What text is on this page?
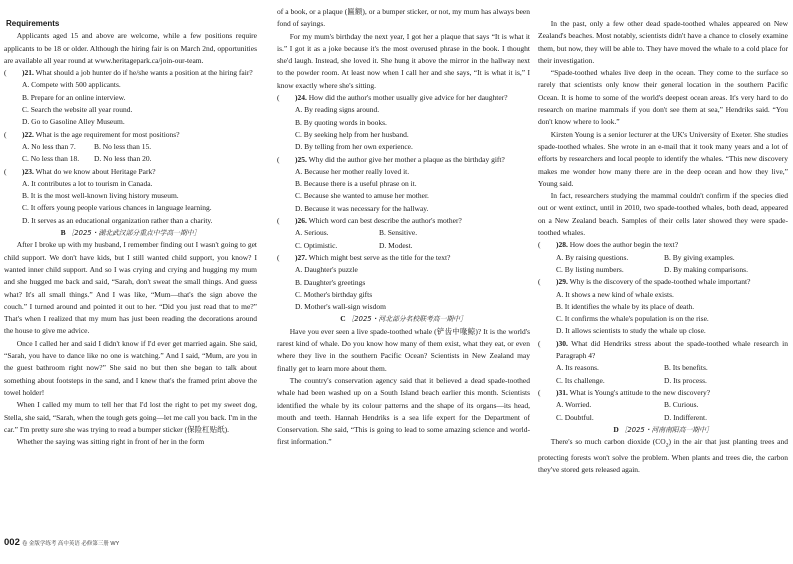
Requirements

Applicants aged 15 and above are welcome, while a few positions require applicants to be 18 or older. Although the hiring fair is on March 2nd, opportunities are available all year round at www.heritagepark.ca/join-our-team.

( )21. What should a job hunter do if he/she wants a position at the hiring fair?

A. Compete with 500 applicants.

B. Prepare for an online interview.

C. Search the website all year round.

D. Go to Gasoline Alley Museum.

( )22. What is the age requirement for most positions?

A. No less than 7.	B. No less than 15.

C. No less than 18.	D. No less than 20.

( )23. What do we know about Heritage Park?

A. It contributes a lot to tourism in Canada.

B. It is the most well-known living history museum.

C. It offers young people various chances in language learning.

D. It serves as an educational organization rather than a charity.

B ［2025・湖北武汉部分重点中学高一期中］

After I broke up with my husband, I remember finding out I wasn't going to get child support. We don't have kids, but I still wanted child support, you know? I wanted inner child support. And so I was crying and crying and hugging my mum and she hugged me back and said, “Sarah, don't sweat the small things. And guess what? It's all small things.” And I was like, “Mum—that's the sign above the couch.” I turned around and pointed it out to her. “Did you just read that to me?” That's when I realized that my mum has just been reading the decorations around the house to give me advice.

Once I called her and said I didn't know if I'd ever get married again. She said, “Sarah, you have to dance like no one is watching.” And I said, “Mum, are you in the guest bathroom right now?” She said no but then she began to talk about something about footsteps in the sand, and I knew that's the framed print above the towel holder!

When I called my mum to tell her that I'd lost the right to pet my sweet dog, Stella, she said, “Sarah, when the tough gets going—let me call you back. I'm in the car.” I'm pretty sure she was trying to read a bumper sticker (保险杠贴纸).

Whether the saying was sitting right in front of her in the form

of a book, or a plaque (匾额), or a bumper sticker, or not, my mum has always been fond of sayings.

For my mum's birthday the next year, I got her a plaque that says “It is what it is.” I got it as a joke because it's the most overused phrase in the book. I thought she'd laugh. Instead, she loved it. She hung it above the mirror in the hallway next to the powder room. At least now when I call her and she says, “It is what it is,” I know exactly where she's sitting.

( )24. How did the author's mother usually give advice for her daughter?

A. By reading signs around.

B. By quoting words in books.

C. By seeking help from her husband.

D. By telling from her own experience.

( )25. Why did the author give her mother a plaque as the birthday gift?

A. Because her mother really loved it.

B. Because there is a useful phrase on it.

C. Because she wanted to amuse her mother.

D. Because it was necessary for the hallway.

( )26. Which word can best describe the author's mother?

A. Serious.	B. Sensitive.

C. Optimistic.	D. Modest.

( )27. Which might best serve as the title for the text?

A. Daughter's puzzle

B. Daughter's greetings

C. Mother's birthday gifts

D. Mother's wall-sign wisdom

C ［2025・河北部分名校联考高一期中］

Have you ever seen a live spade-toothed whale (铲齿中喙鲸)? It is the world's rarest kind of whale. Do you know how many of them exist, what they eat, or even where they live in the southern Pacific Ocean? Scientists in New Zealand may finally get to learn more about them.

The country's conservation agency said that it believed a dead spade-toothed whale had been washed up on a South Island beach earlier this month. Scientists identified the whale by its colour patterns and the shape of its organs—its head, mouth and teeth. Hannah Hendriks is a sea life expert for the Department of Conservation. She said, “This is going to lead to some amazing science and world-first information.”

In the past, only a few other dead spade-toothed whales appeared on New Zealand's beaches. Most notably, scientists didn't have a chance to closely examine them, but now, they will be able to. They have moved the whale to a cold place for their investigation.

“Spade-toothed whales live deep in the ocean. They come to the surface so rarely that scientists only know their general location in the southern Pacific Ocean. It is home to some of the world's deepest ocean areas. It's very hard to do research on marine mammals if you don't see them at sea,” Hendriks said. “You don't know where to look.”

Kirsten Young is a senior lecturer at the UK's University of Exeter. She studies spade-toothed whales. She wrote in an e-mail that it took many years and a lot of efforts by researchers and local people to identify the whales. “This new discovery makes me wonder how many there are in the deep ocean and how they live,” Young said.

In fact, researchers studying the mammal couldn't confirm if the species died out or went extinct, until in 2010, two spade-toothed whales, both dead, appeared on a New Zealand beach. Samples of their cells later showed they were spade-toothed whales.

( )28. How does the author begin the text?

A. By raising questions.	B. By giving examples.

C. By listing numbers.	D. By making comparisons.

( )29. Why is the discovery of the spade-toothed whale important?

A. It shows a new kind of whale exists.

B. It identifies the whale by its place of death.

C. It confirms the whale's population is on the rise.

D. It allows scientists to study the whale up close.

( )30. What did Hendriks stress about the spade-toothed whale research in Paragraph 4?

A. Its reasons.	B. Its benefits.

C. Its challenge.	D. Its process.

( )31. What is Young's attitude to the new discovery?

A. Worried.	B. Curious.

C. Doubtful.	D. Indifferent.

D ［2025・河南南阳高一期中］

There's so much carbon dioxide $(CO_2)$ in the air that just planting trees and protecting forests won't solve the problem. When plants and trees die, the carbon they've stored gets released again.

002 卷 金版学练考 高中英语 必修第三册 WY
